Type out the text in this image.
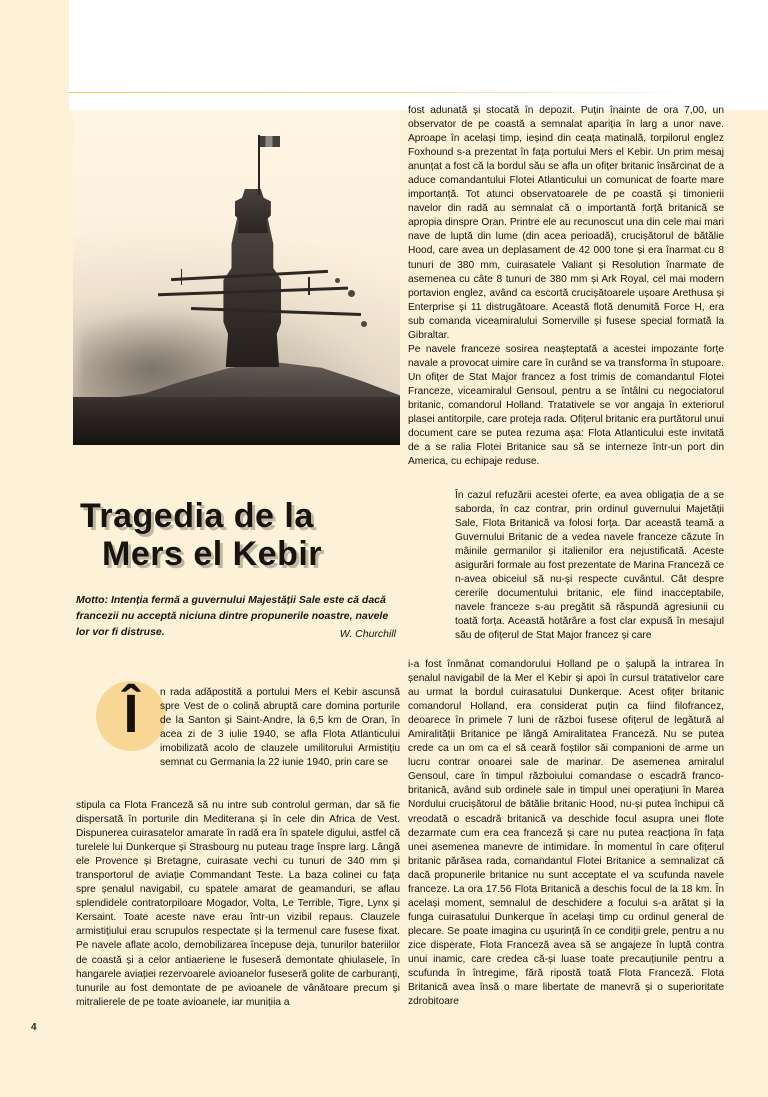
Tragedia de la
Mers el Kebir
Motto: Intenția fermă a guvernului Majestății Sale este că dacă francezii nu acceptă niciuna dintre propunerile noastre, navele lor vor fi distruse.	W. Churchill

fost adunată și stocată în depozit. Puțin înainte de ora 7,00, un observator de pe coastă a semnalat apariția în larg a unor nave. Aproape în același timp, ieșind din ceața matinală, torpilorul englez Foxhound s-a prezentat în fața portului Mers el Kebir. Un prim mesaj anunțat a fost că la bordul său se afla un ofițer britanic însărcinat de a aduce comandantului Flotei Atlanticului un comunicat de foarte mare importanță. Tot atunci observatoarele de pe coastă și timonierii navelor din radă au semnalat că o importantă forță britanică se apropia dinspre Oran. Printre ele au recunoscut una din cele mai mari nave de luptă din lume (din acea perioadă), crucișătorul de bătălie Hood, care avea un deplasament de 42 000 tone și era înarmat cu 8 tunuri de 380 mm, cuirasatele Valiant și Resolution înarmate de asemenea cu câte 8 tunuri de 380 mm și Ark Royal, cel mai modern portavion englez, având ca escortă crucișătoarele ușoare Arethusa și Enterprise și 11 distrugătoare. Această flotă denumită Force H, era sub comanda viceamiralului Somerville și fusese special formată la Gibraltar.

Pe navele franceze sosirea neașteptată a acestei impozante forțe navale a provocat uimire care în curând se va transforma în stupoare. Un ofițer de Stat Major francez a fost trimis de comandantul Flotei Franceze, viceamiralul Gensoul, pentru a se întâlni cu negociatorul britanic, comandorul Holland. Tratativele se vor angaja în exteriorul plasei antitorpile, care proteja rada. Ofițerul britanic era purtătorul unui document care se putea rezuma așa: Flota Atlanticului este invitată de a se ralia Flotei Britanice sau să se interneze într-un port din America, cu echipaje reduse.

În cazul refuzării acestei oferte, ea avea obligația de a se saborda, în caz contrar, prin ordinul guvernului Majetății Sale, Flota Britanică va folosi forța. Dar această teamă a Guvernului Britanic de a vedea navele franceze căzute în mâinile germanilor și italienilor era nejustificată. Aceste asigurări formale au fost prezentate de Marina Franceză ce n-avea obiceiul să nu-și respecte cuvântul. Cât despre cererile documentului britanic, ele fiind inacceptabile, navele franceze s-au pregătit să răspundă agresiunii cu toată forța. Această hotărâre a fost clar expusă în mesajul său de ofițerul de Stat Major francez și care

i-a fost înmânat comandorului Holland pe o șalupă la intrarea în șenalul navigabil de la Mer el Kebir și apoi în cursul tratativelor care au urmat la bordul cuirasatului Dunkerque. Acest ofițer britanic comandorul Holland, era considerat puțin ca fiind filofrancez, deoarece în primele 7 luni de război fusese ofițerul de legătură al Amiralității Britanice pe lângă Amiralitatea Franceză. Nu se putea crede ca un om ca el să ceară foștilor săi companioni de arme un lucru contrar onoarei sale de marinar. De asemenea amiralul Gensoul, care în timpul războiului comandase o escadră franco-britanică, având sub ordinele sale in timpul unei operațiuni în Marea Nordului crucișătorul de bătălie britanic Hood, nu-și putea închipui că vreodată o escadră britanică va deschide focul asupra unei flote dezarmate cum era cea franceză și care nu putea reacționa în fața unei asemenea manevre de intimidare. În momentul în care ofițerul britanic părăsea rada, comandantul Flotei Britanice a semnalizat că dacă propunerile britanice nu sunt acceptate el va scufunda navele franceze. La ora 17.56 Flota Britanică a deschis focul de la 18 km. În același moment, semnalul de deschidere a focului s-a arătat și la funga cuirasatului Dunkerque în același timp cu ordinul general de plecare. Se poate imagina cu ușurință în ce condiții grele, pentru a nu zice disperate, Flota Franceză avea să se angajeze în luptă contra unui inamic, care credea că-și luase toate precauțiunile pentru a scufunda în întregime, fără ripostă toată Flota Franceză. Flota Britanică avea însă o mare libertate de manevră și o superioritate zdrobitoare

Î	n rada adăpostită a portului Mers el Kebir ascunsă spre Vest de o colină abruptă care domina porturile de la Santon și Saint-Andre, la 6,5 km de Oran, în acea zi de 3 iulie 1940, se afla Flota Atlanticului imobilizată acolo de clauzele umilitorului Armistițiu semnat cu Germania la 22 iunie 1940, prin care se

stipula ca Flota Franceză să nu intre sub controlul german, dar să fie dispersată în porturile din Mediterana și în cele din Africa de Vest. Dispunerea cuirasatelor amarate în radă era în spatele digului, astfel că turelele lui Dunkerque și Strasbourg nu puteau trage înspre larg. Lângă ele Provence și Bretagne, cuirasate vechi cu tunuri de 340 mm și transportorul de aviație Commandant Teste. La baza colinei cu fața spre șenalul navigabil, cu spatele amarat de geamanduri, se aflau splendidele contratorpiloare Mogador, Volta, Le Terrible, Tigre, Lynx și Kersaint. Toate aceste nave erau într-un vizibil repaus. Clauzele armistițiului erau scrupulos respectate și la termenul care fusese fixat. Pe navele aflate acolo, demobilizarea începuse deja, tunurilor bateriilor de coastă și a celor antiaeriene le fuseseră demontate qhiulasele, în hangarele aviației rezervoarele avioanelor fuseseră golite de carburanți, tunurile au fost demontate de pe avioanele de vânătoare precum și mitralierele de pe toate avioanele, iar munițiia a

4
